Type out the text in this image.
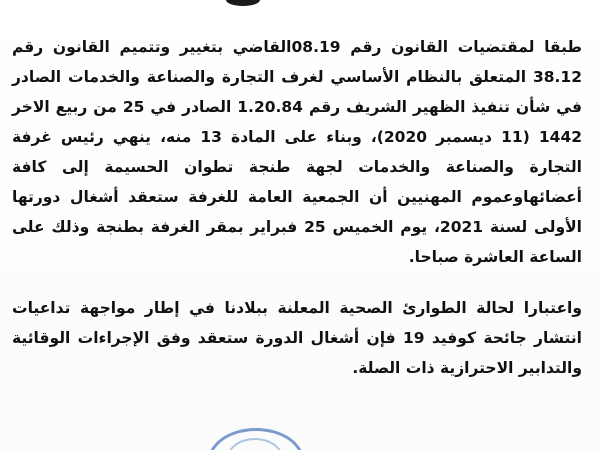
طبقا لمقتضيات القانون رقم 08.19القاضي بتغيير وتتميم القانون رقم 38.12 المتعلق بالنظام الأساسي لغرف التجارة والصناعة والخدمات الصادر في شأن تنفيذ الظهير الشريف رقم 1.20.84 الصادر في 25 من ربيع الاخر 1442 (11 ديسمبر 2020)، وبناء على المادة 13 منه، ينهي رئيس غرفة التجارة والصناعة والخدمات لجهة طنجة تطوان الحسيمة إلى كافة أعضائهاوعموم المهنيين أن الجمعية العامة للغرفة ستعقد أشغال دورتها الأولى لسنة 2021، يوم الخميس 25 فبراير بمقر الغرفة بطنجة وذلك على الساعة العاشرة صباحا.

واعتبارا لحالة الطوارئ الصحية المعلنة ببلادنا في إطار مواجهة تداعيات انتشار جائحة كوفيد 19 فإن أشغال الدورة ستعقد وفق الإجراءات الوقائية والتدابير الاحترازية ذات الصلة.
